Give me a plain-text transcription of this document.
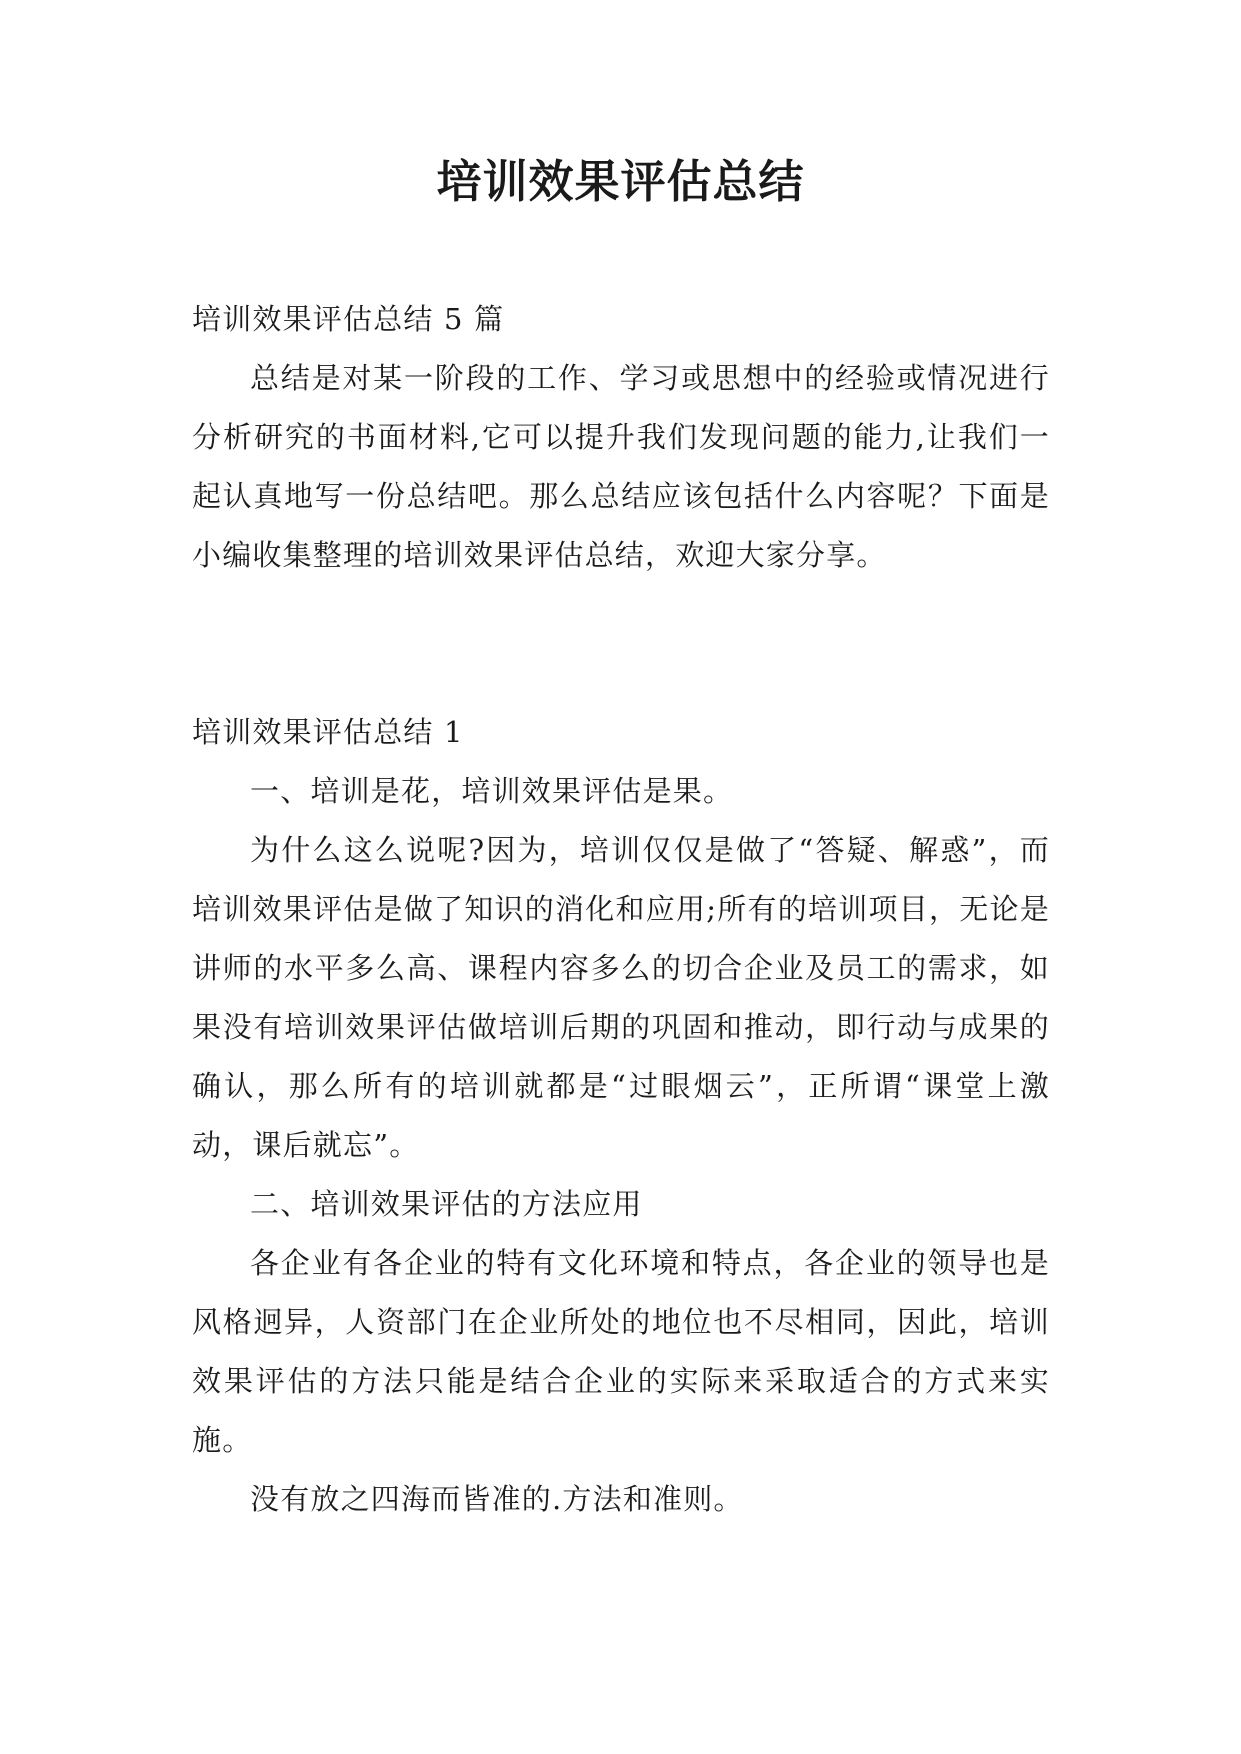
培训效果评估总结

培训效果评估总结 5 篇

总结是对某一阶段的工作、学习或思想中的经验或情况进行分析研究的书面材料,它可以提升我们发现问题的能力,让我们一起认真地写一份总结吧。那么总结应该包括什么内容呢？下面是小编收集整理的培训效果评估总结，欢迎大家分享。

培训效果评估总结 1

一、培训是花，培训效果评估是果。

为什么这么说呢?因为，培训仅仅是做了“答疑、解惑”，而培训效果评估是做了知识的消化和应用;所有的培训项目，无论是讲师的水平多么高、课程内容多么的切合企业及员工的需求，如果没有培训效果评估做培训后期的巩固和推动，即行动与成果的确认，那么所有的培训就都是“过眼烟云”，正所谓“课堂上激动，课后就忘”。

二、培训效果评估的方法应用

各企业有各企业的特有文化环境和特点，各企业的领导也是风格迥异，人资部门在企业所处的地位也不尽相同，因此，培训效果评估的方法只能是结合企业的实际来采取适合的方式来实施。

没有放之四海而皆准的.方法和准则。
